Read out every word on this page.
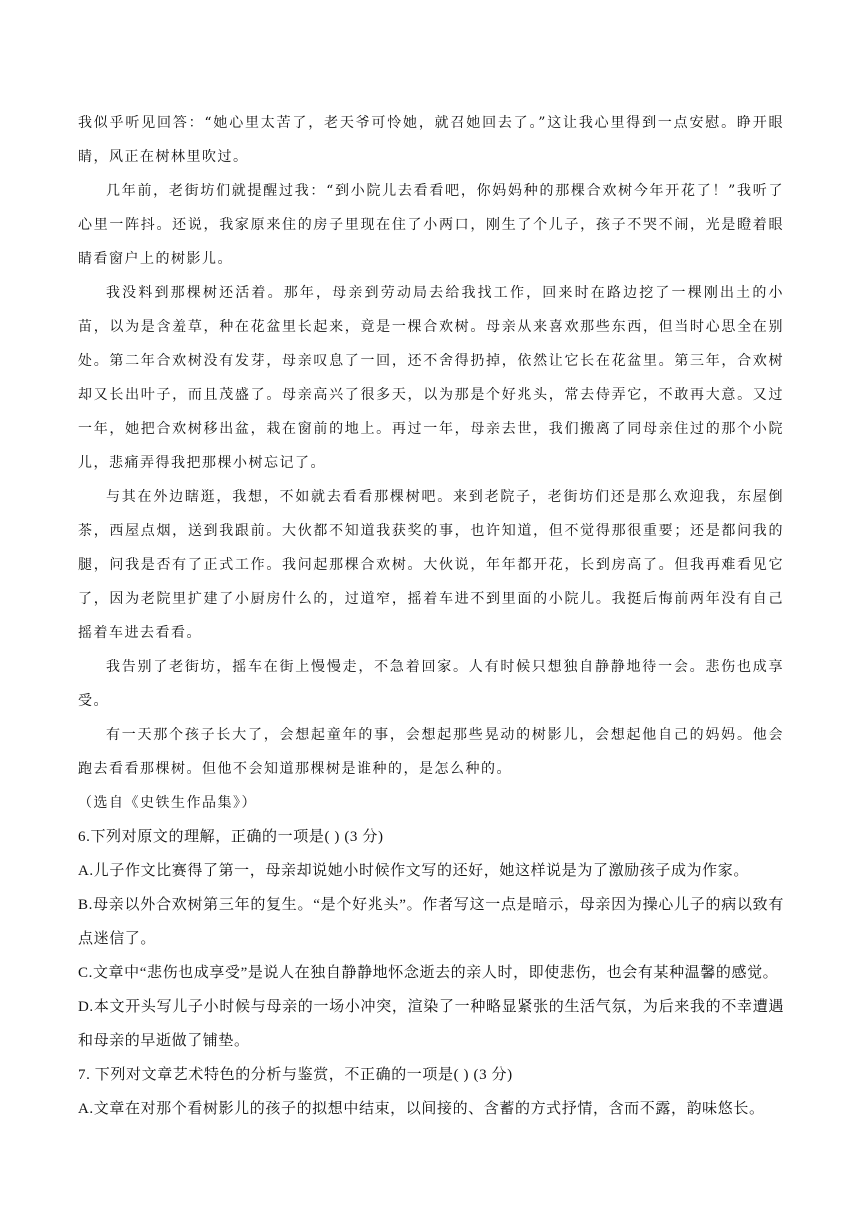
我似乎听见回答：“她心里太苦了，老天爷可怜她，就召她回去了。”这让我心里得到一点安慰。睁开眼睛，风正在树林里吹过。

几年前，老街坊们就提醒过我：“到小院儿去看看吧，你妈妈种的那棵合欢树今年开花了！”我听了心里一阵抖。还说，我家原来住的房子里现在住了小两口，刚生了个儿子，孩子不哭不闹，光是瞪着眼睛看窗户上的树影儿。

我没料到那棵树还活着。那年，母亲到劳动局去给我找工作，回来时在路边挖了一棵刚出土的小苗，以为是含羞草，种在花盆里长起来，竟是一棵合欢树。母亲从来喜欢那些东西，但当时心思全在别处。第二年合欢树没有发芽，母亲叹息了一回，还不舍得扔掉，依然让它长在花盆里。第三年，合欢树却又长出叶子，而且茂盛了。母亲高兴了很多天，以为那是个好兆头，常去侍弄它，不敢再大意。又过一年，她把合欢树移出盆，栽在窗前的地上。再过一年，母亲去世，我们搬离了同母亲住过的那个小院儿，悲痛弄得我把那棵小树忘记了。

与其在外边瞎逛，我想，不如就去看看那棵树吧。来到老院子，老街坊们还是那么欢迎我，东屋倒茶，西屋点烟，送到我跟前。大伙都不知道我获奖的事，也许知道，但不觉得那很重要；还是都问我的腿，问我是否有了正式工作。我问起那棵合欢树。大伙说，年年都开花，长到房高了。但我再难看见它了，因为老院里扩建了小厨房什么的，过道窄，摇着车进不到里面的小院儿。我挺后悔前两年没有自己摇着车进去看看。

我告别了老街坊，摇车在街上慢慢走，不急着回家。人有时候只想独自静静地待一会。悲伤也成享受。

有一天那个孩子长大了，会想起童年的事，会想起那些晃动的树影儿，会想起他自己的妈妈。他会跑去看看那棵树。但他不会知道那棵树是谁种的，是怎么种的。

（选自《史铁生作品集》）

6.下列对原文的理解，正确的一项是( ) (3 分)

A.儿子作文比赛得了第一，母亲却说她小时候作文写的还好，她这样说是为了激励孩子成为作家。

B.母亲以外合欢树第三年的复生。“是个好兆头”。作者写这一点是暗示，母亲因为操心儿子的病以致有点迷信了。

C.文章中“悲伤也成享受”是说人在独自静静地怀念逝去的亲人时，即使悲伤，也会有某种温馨的感觉。

D.本文开头写儿子小时候与母亲的一场小冲突，渲染了一种略显紧张的生活气氛，为后来我的不幸遭遇和母亲的早逝做了铺垫。

7. 下列对文章艺术特色的分析与鉴赏，不正确的一项是( ) (3 分)

A.文章在对那个看树影儿的孩子的拟想中结束，以间接的、含蓄的方式抒情，含而不露，韵味悠长。
